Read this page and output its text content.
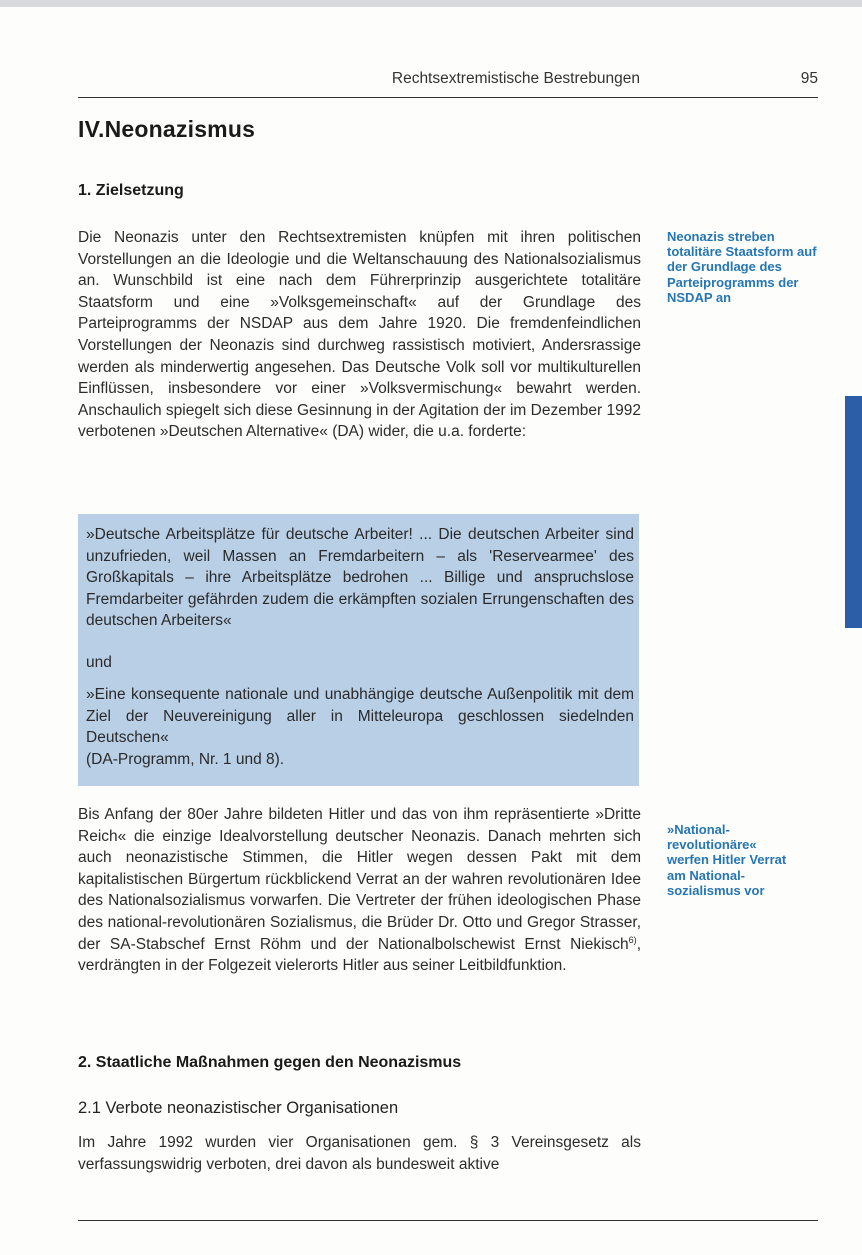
Rechtsextremistische Bestrebungen	95
IV.Neonazismus
1. Zielsetzung
Die Neonazis unter den Rechtsextremisten knüpfen mit ihren politischen Vorstellungen an die Ideologie und die Weltanschauung des Nationalsozialismus an. Wunschbild ist eine nach dem Führerprinzip ausgerichtete totalitäre Staatsform und eine »Volksgemeinschaft« auf der Grundlage des Parteiprogramms der NSDAP aus dem Jahre 1920. Die fremdenfeindlichen Vorstellungen der Neonazis sind durchweg rassistisch motiviert, Andersrassige werden als minderwertig angesehen. Das Deutsche Volk soll vor multikulturellen Einflüssen, insbesondere vor einer »Volksvermischung« bewahrt werden. Anschaulich spiegelt sich diese Gesinnung in der Agitation der im Dezember 1992 verbotenen »Deutschen Alternative« (DA) wider, die u.a. forderte:
Neonazis streben totalitäre Staatsform auf der Grundlage des Parteiprogramms der NSDAP an
»Deutsche Arbeitsplätze für deutsche Arbeiter! ... Die deutschen Arbeiter sind unzufrieden, weil Massen an Fremdarbeitern – als 'Reservearmee' des Großkapitals – ihre Arbeitsplätze bedrohen ... Billige und anspruchslose Fremdarbeiter gefährden zudem die erkämpften sozialen Errungenschaften des deutschen Arbeiters«
und
»Eine konsequente nationale und unabhängige deutsche Außenpolitik mit dem Ziel der Neuvereinigung aller in Mitteleuropa geschlossen siedelnden Deutschen«
(DA-Programm, Nr. 1 und 8).
Bis Anfang der 80er Jahre bildeten Hitler und das von ihm repräsentierte »Dritte Reich« die einzige Idealvorstellung deutscher Neonazis. Danach mehrten sich auch neonazistische Stimmen, die Hitler wegen dessen Pakt mit dem kapitalistischen Bürgertum rückblickend Verrat an der wahren revolutionären Idee des Nationalsozialismus vorwarfen. Die Vertreter der frühen ideologischen Phase des national-revolutionären Sozialismus, die Brüder Dr. Otto und Gregor Strasser, der SA-Stabschef Ernst Röhm und der Nationalbolschewist Ernst Niekisch$^{6)}$, verdrängten in der Folgezeit vielerorts Hitler aus seiner Leitbildfunktion.
»National-revolutionäre« werfen Hitler Verrat am National-sozialismus vor
2. Staatliche Maßnahmen gegen den Neonazismus
2.1 Verbote neonazistischer Organisationen
Im Jahre 1992 wurden vier Organisationen gem. § 3 Vereinsgesetz als verfassungswidrig verboten, drei davon als bundesweit aktive
